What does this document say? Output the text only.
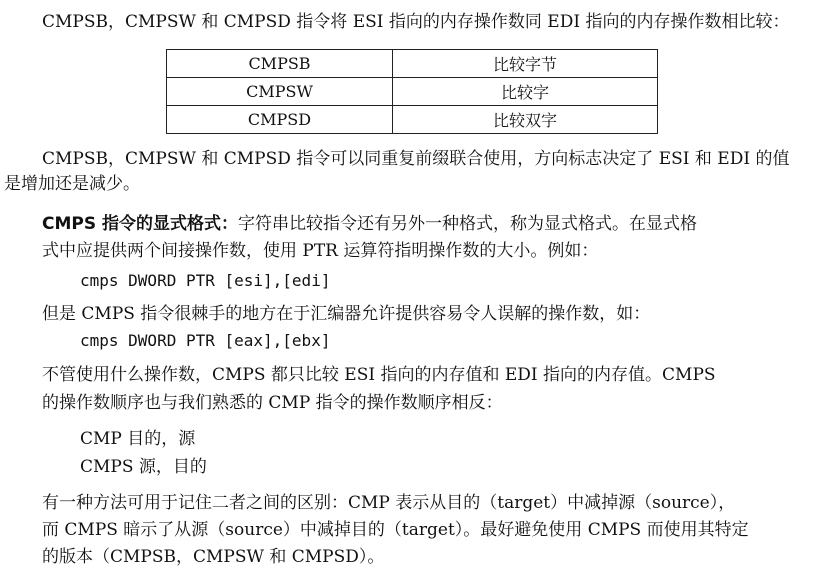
CMPSB，CMPSW 和 CMPSD 指令将 ESI 指向的内存操作数同 EDI 指向的内存操作数相比较：
CMPSB	比较字节
CMPSW	比较字
CMPSD	比较双字
CMPSB，CMPSW 和 CMPSD 指令可以同重复前缀联合使用，方向标志决定了 ESI 和 EDI 的值
是增加还是减少。
CMPS 指令的显式格式：字符串比较指令还有另外一种格式，称为显式格式。在显式格
式中应提供两个间接操作数，使用 PTR 运算符指明操作数的大小。例如：
cmps DWORD PTR [esi],[edi]
但是 CMPS 指令很棘手的地方在于汇编器允许提供容易令人误解的操作数，如：
cmps DWORD PTR [eax],[ebx]
不管使用什么操作数，CMPS 都只比较 ESI 指向的内存值和 EDI 指向的内存值。CMPS
的操作数顺序也与我们熟悉的 CMP 指令的操作数顺序相反：
CMP 目的，源
CMPS 源，目的
有一种方法可用于记住二者之间的区别：CMP 表示从目的（target）中减掉源（source），
而 CMPS 暗示了从源（source）中减掉目的（target）。最好避免使用 CMPS 而使用其特定
的版本（CMPSB，CMPSW 和 CMPSD）。
